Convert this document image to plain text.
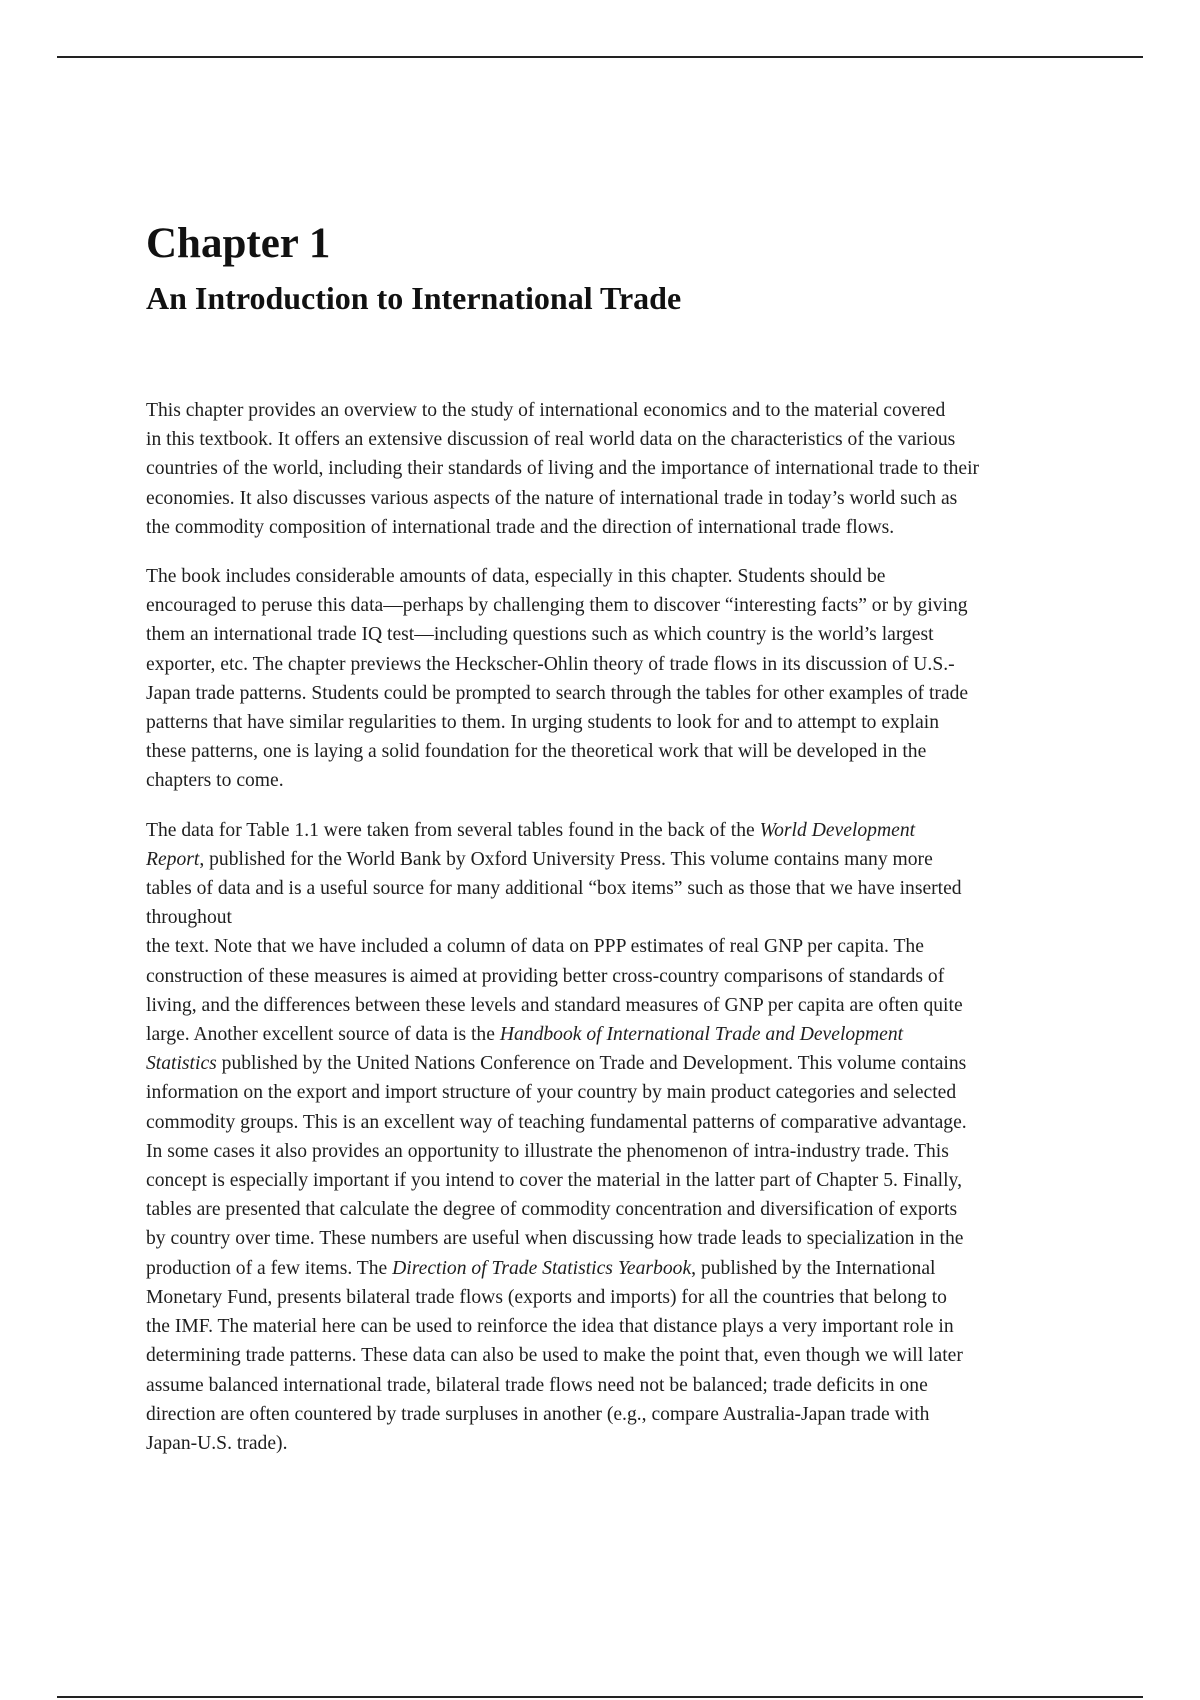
Chapter 1
An Introduction to International Trade

This chapter provides an overview to the study of international economics and to the material covered
in this textbook. It offers an extensive discussion of real world data on the characteristics of the various
countries of the world, including their standards of living and the importance of international trade to their
economies. It also discusses various aspects of the nature of international trade in today’s world such as
the commodity composition of international trade and the direction of international trade flows.

The book includes considerable amounts of data, especially in this chapter. Students should be
encouraged to peruse this data—perhaps by challenging them to discover “interesting facts” or by giving
them an international trade IQ test—including questions such as which country is the world’s largest
exporter, etc. The chapter previews the Heckscher-Ohlin theory of trade flows in its discussion of U.S.-
Japan trade patterns. Students could be prompted to search through the tables for other examples of trade
patterns that have similar regularities to them. In urging students to look for and to attempt to explain
these patterns, one is laying a solid foundation for the theoretical work that will be developed in the
chapters to come.

The data for Table 1.1 were taken from several tables found in the back of the World Development
Report, published for the World Bank by Oxford University Press. This volume contains many more
tables of data and is a useful source for many additional “box items” such as those that we have inserted
throughout
the text. Note that we have included a column of data on PPP estimates of real GNP per capita. The
construction of these measures is aimed at providing better cross-country comparisons of standards of
living, and the differences between these levels and standard measures of GNP per capita are often quite
large. Another excellent source of data is the Handbook of International Trade and Development
Statistics published by the United Nations Conference on Trade and Development. This volume contains
information on the export and import structure of your country by main product categories and selected
commodity groups. This is an excellent way of teaching fundamental patterns of comparative advantage.
In some cases it also provides an opportunity to illustrate the phenomenon of intra-industry trade. This
concept is especially important if you intend to cover the material in the latter part of Chapter 5. Finally,
tables are presented that calculate the degree of commodity concentration and diversification of exports
by country over time. These numbers are useful when discussing how trade leads to specialization in the
production of a few items. The Direction of Trade Statistics Yearbook, published by the International
Monetary Fund, presents bilateral trade flows (exports and imports) for all the countries that belong to
the IMF. The material here can be used to reinforce the idea that distance plays a very important role in
determining trade patterns. These data can also be used to make the point that, even though we will later
assume balanced international trade, bilateral trade flows need not be balanced; trade deficits in one
direction are often countered by trade surpluses in another (e.g., compare Australia-Japan trade with
Japan-U.S. trade).
